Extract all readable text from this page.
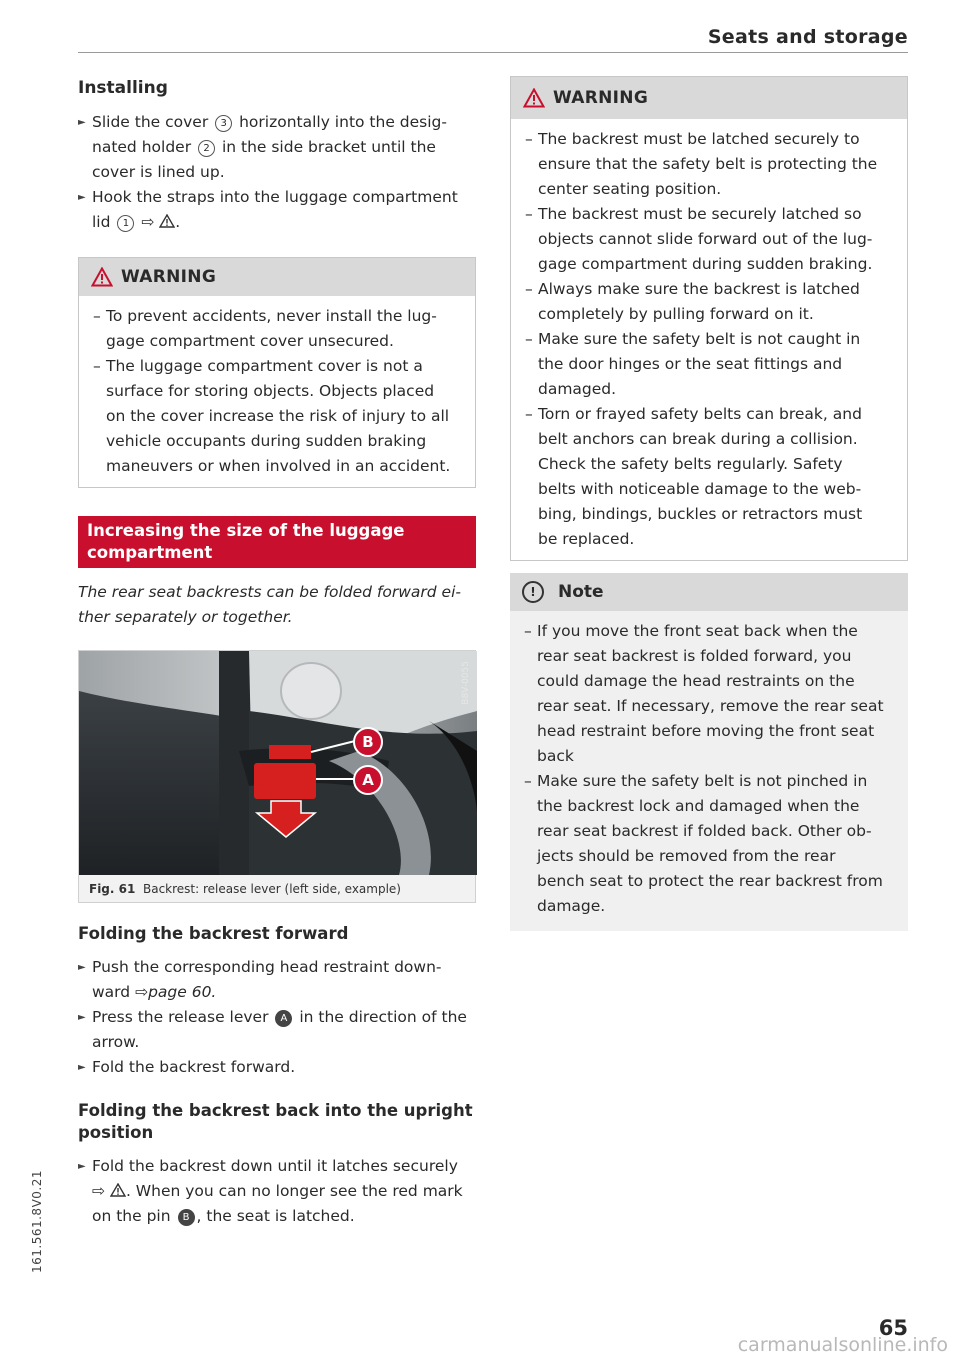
Seats and storage
Installing
► Slide the cover 3 horizontally into the desig-
nated holder 2 in the side bracket until the
cover is lined up.
► Hook the straps into the luggage compartment
lid 1 ⇨ .
WARNING
– To prevent accidents, never install the lug-
gage compartment cover unsecured.
– The luggage compartment cover is not a
surface for storing objects. Objects placed
on the cover increase the risk of injury to all
vehicle occupants during sudden braking
maneuvers or when involved in an accident.
Increasing the size of the luggage
compartment
The rear seat backrests can be folded forward ei-
ther separately or together.
B
A
B8V-0055
Fig. 61 Backrest: release lever (left side, example)
Folding the backrest forward
► Push the corresponding head restraint down-
ward ⇨page 60.
► Press the release lever A in the direction of the
arrow.
► Fold the backrest forward.
Folding the backrest back into the upright
position
► Fold the backrest down until it latches securely
⇨ . When you can no longer see the red mark
on the pin B , the seat is latched.
WARNING
– The backrest must be latched securely to
ensure that the safety belt is protecting the
center seating position.
– The backrest must be securely latched so
objects cannot slide forward out of the lug-
gage compartment during sudden braking.
– Always make sure the backrest is latched
completely by pulling forward on it.
– Make sure the safety belt is not caught in
the door hinges or the seat fittings and
damaged.
– Torn or frayed safety belts can break, and
belt anchors can break during a collision.
Check the safety belts regularly. Safety
belts with noticeable damage to the web-
bing, bindings, buckles or retractors must
be replaced.
!	Note
– If you move the front seat back when the
rear seat backrest is folded forward, you
could damage the head restraints on the
rear seat. If necessary, remove the rear seat
head restraint before moving the front seat
back
– Make sure the safety belt is not pinched in
the backrest lock and damaged when the
rear seat backrest if folded back. Other ob-
jects should be removed from the rear
bench seat to protect the rear backrest from
damage.
161.561.8V0.21
65
carmanualsonline.info
